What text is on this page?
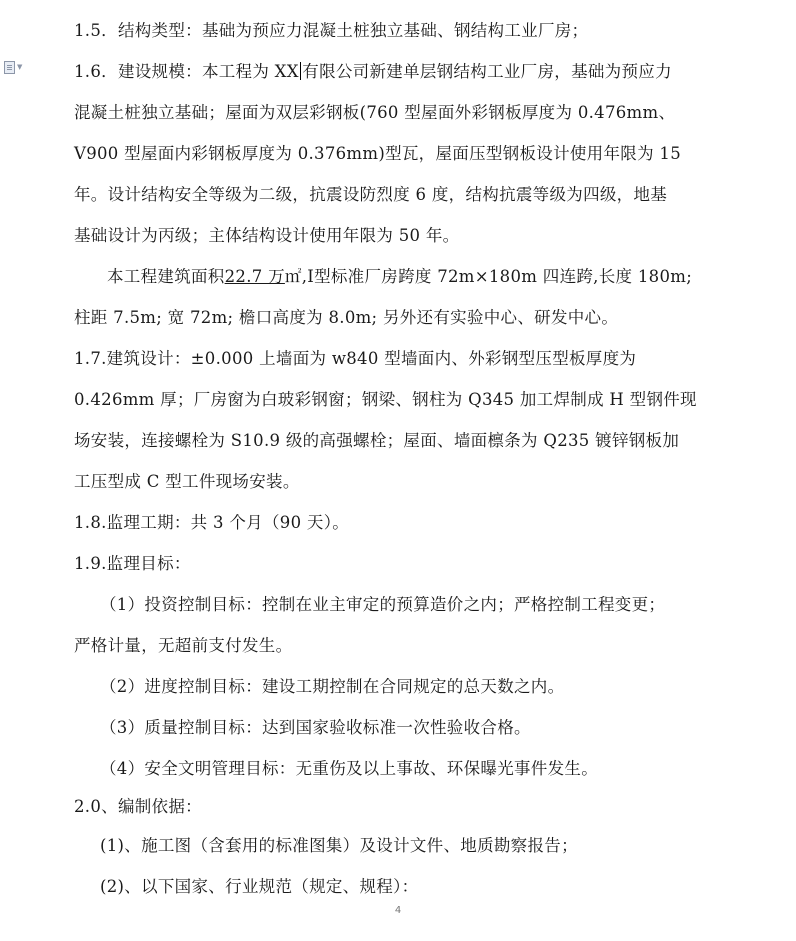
▼
1.5．结构类型：基础为预应力混凝土桩独立基础、钢结构工业厂房；
1.6．建设规模：本工程为 XX 有限公司新建单层钢结构工业厂房，基础为预应力
混凝土桩独立基础；屋面为双层彩钢板(760 型屋面外彩钢板厚度为 0.476mm、
V900 型屋面内彩钢板厚度为 0.376mm)型瓦，屋面压型钢板设计使用年限为 15
年。设计结构安全等级为二级，抗震设防烈度 6 度，结构抗震等级为四级，地基
基础设计为丙级；主体结构设计使用年限为 50 年。
本工程建筑面积22.7 万㎡,Ⅰ型标准厂房跨度 72m×180m 四连跨,长度 180m;
柱距 7.5m; 宽 72m; 檐口高度为 8.0m; 另外还有实验中心、研发中心。
1.7.建筑设计：±0.000 上墙面为 w840 型墙面内、外彩钢型压型板厚度为
0.426mm 厚；厂房窗为白玻彩钢窗；钢梁、钢柱为 Q345 加工焊制成 H 型钢件现
场安装，连接螺栓为 S10.9 级的高强螺栓；屋面、墙面檩条为 Q235 镀锌钢板加
工压型成 C 型工件现场安装。
1.8.监理工期：共 3 个月（90 天）。
1.9.监理目标：
（1）投资控制目标：控制在业主审定的预算造价之内；严格控制工程变更；
严格计量，无超前支付发生。
（2）进度控制目标：建设工期控制在合同规定的总天数之内。
（3）质量控制目标：达到国家验收标准一次性验收合格。
（4）安全文明管理目标：无重伤及以上事故、环保曝光事件发生。
2.0、编制依据：
(1)、施工图（含套用的标准图集）及设计文件、地质勘察报告；
(2)、以下国家、行业规范（规定、规程）：
4
